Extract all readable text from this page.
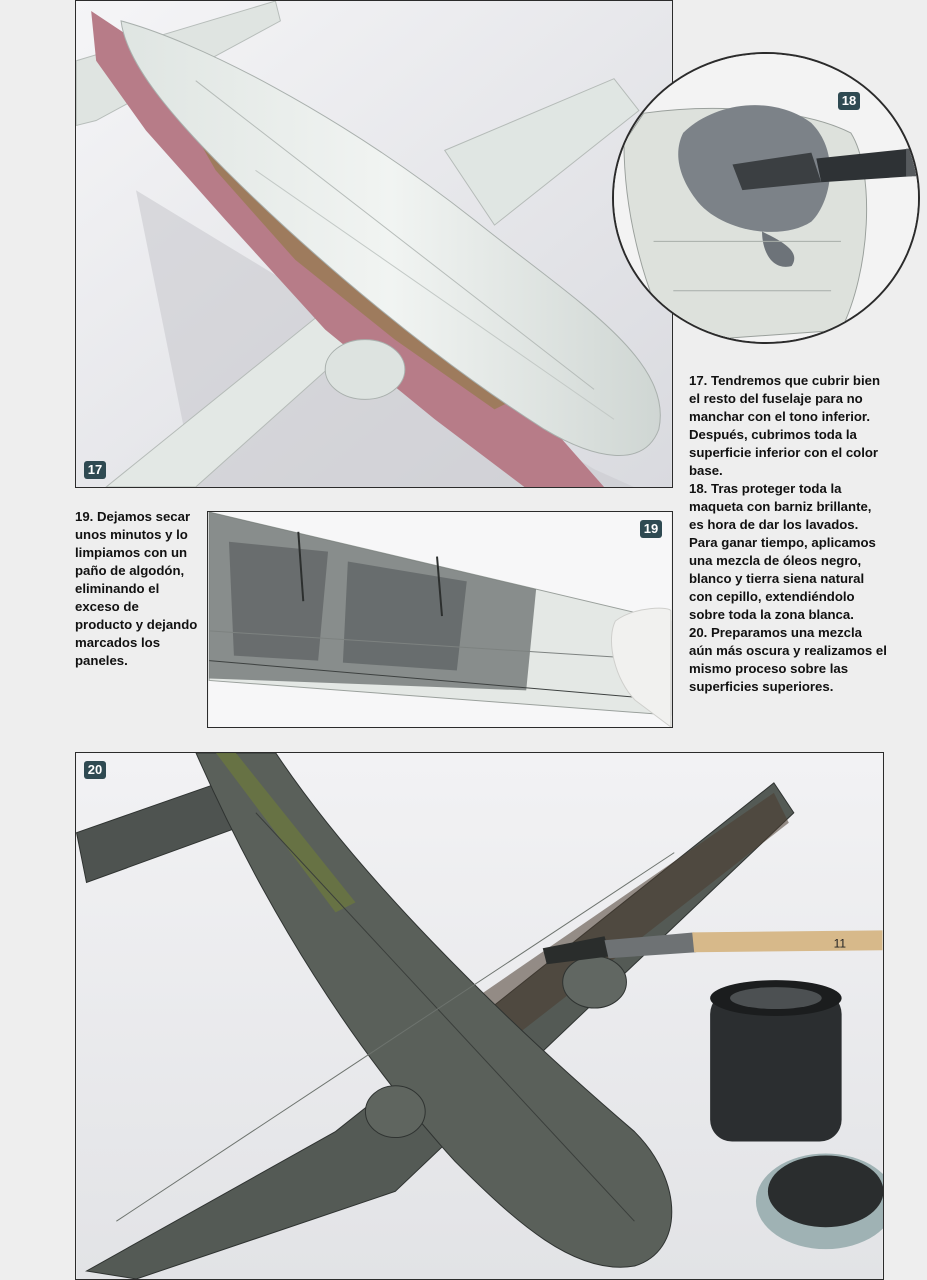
17
18

17. Tendremos que cubrir bien el resto del fuselaje para no manchar con el tono inferior. Después, cubrimos toda la superficie inferior con el color base.

18. Tras proteger toda la maqueta con barniz brillante, es hora de dar los lavados. Para ganar tiempo, aplicamos una mezcla de óleos negro, blanco y tierra siena natural con cepillo, extendiéndolo sobre toda la zona blanca.

20. Preparamos una mezcla aún más oscura y realizamos el mismo proceso sobre las superficies superiores.

19. Dejamos secar unos minutos y lo limpiamos con un paño de algodón, eliminando el exceso de producto y dejando marcados los paneles.

19
11
20
